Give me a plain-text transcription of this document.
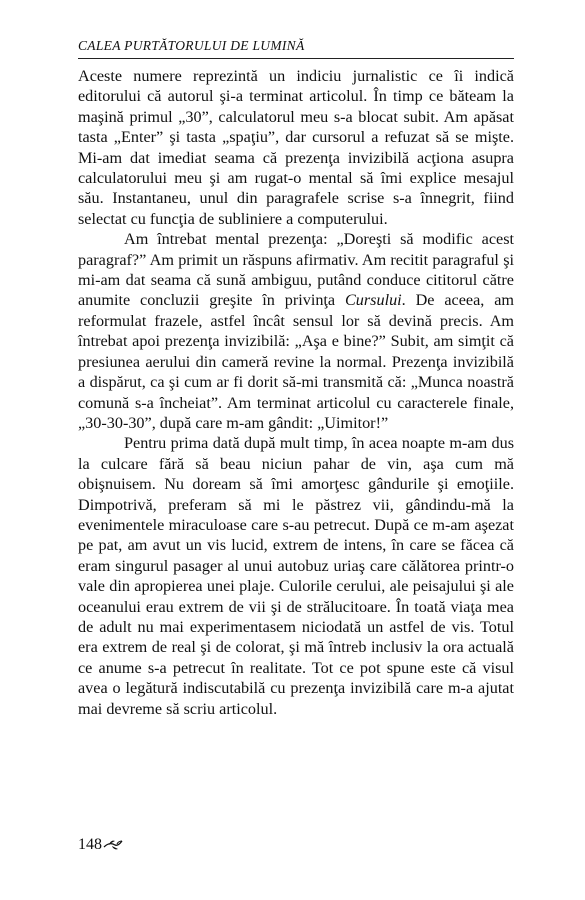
CALEA PURTĂTORULUI DE LUMINĂ

Aceste numere reprezintă un indiciu jurnalistic ce îi indică editorului că autorul şi-a terminat articolul. În timp ce băteam la maşină primul „30”, calculatorul meu s-a blocat subit. Am apăsat tasta „Enter” şi tasta „spaţiu”, dar cursorul a refuzat să se mişte. Mi-am dat imediat seama că prezenţa invizibilă acţiona asupra calculatorului meu şi am rugat-o mental să îmi explice mesajul său. Instantaneu, unul din paragrafele scrise s-a înnegrit, fiind selectat cu funcţia de subliniere a computerului.

Am întrebat mental prezenţa: „Doreşti să modific acest paragraf?” Am primit un răspuns afirmativ. Am recitit paragraful şi mi-am dat seama că sună ambiguu, putând conduce cititorul către anumite concluzii greşite în privinţa Cursului. De aceea, am reformulat frazele, astfel încât sensul lor să devină precis. Am întrebat apoi prezenţa invizibilă: „Aşa e bine?” Subit, am simţit că presiunea aerului din cameră revine la normal. Prezenţa invizibilă a dispărut, ca şi cum ar fi dorit să-mi transmită că: „Munca noastră comună s-a încheiat”. Am terminat articolul cu caracterele finale, „30-30-30”, după care m-am gândit: „Uimitor!”

Pentru prima dată după mult timp, în acea noapte m-am dus la culcare fără să beau niciun pahar de vin, aşa cum mă obişnuisem. Nu doream să îmi amorţesc gândurile şi emoţiile. Dimpotrivă, preferam să mi le păstrez vii, gândindu-mă la evenimentele miraculoase care s-au petrecut. După ce m-am aşezat pe pat, am avut un vis lucid, extrem de intens, în care se făcea că eram singurul pasager al unui autobuz uriaş care călătorea printr-o vale din apropierea unei plaje. Culorile cerului, ale peisajului şi ale oceanului erau extrem de vii şi de strălucitoare. În toată viaţa mea de adult nu mai experimentasem niciodată un astfel de vis. Totul era extrem de real şi de colorat, şi mă întreb inclusiv la ora actuală ce anume s-a petrecut în realitate. Tot ce pot spune este că visul avea o legătură indiscutabilă cu prezenţa invizibilă care m-a ajutat mai devreme să scriu articolul.

148
